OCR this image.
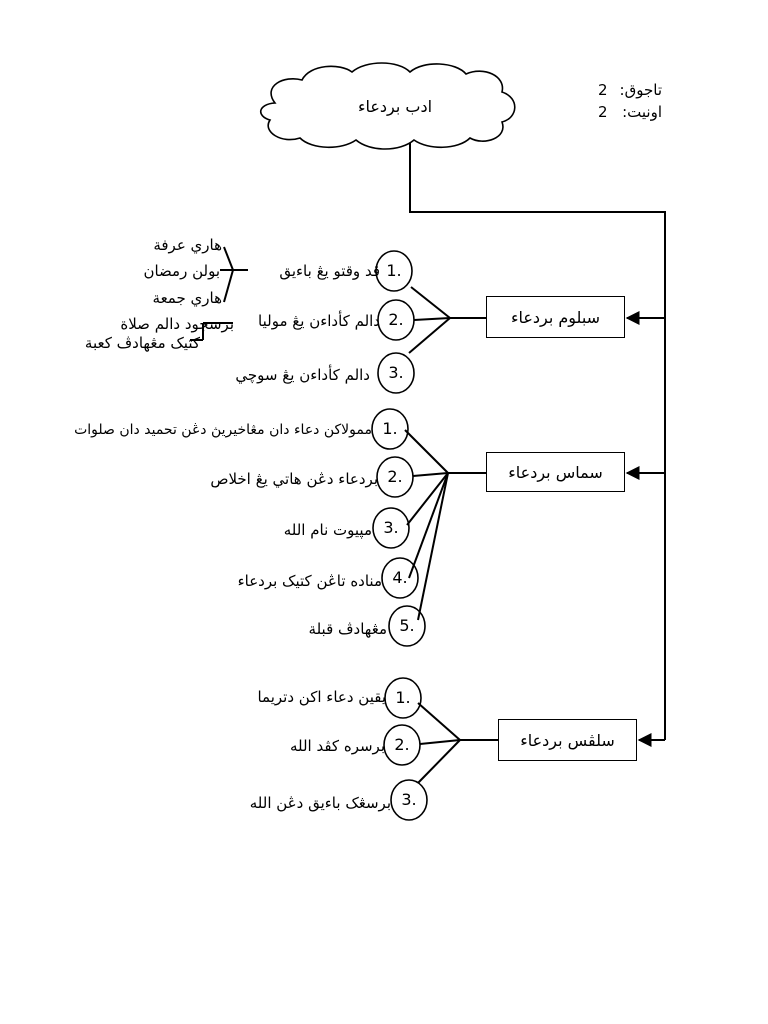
2 تاجوق:
2 اونيت:
ادب بردعاء
سبلوم بردعاء
سماس بردعاء
سلڤس بردعاء
1.
2.
3.
ڤد وقتو يڠ باءيق
دالم كأداءن يڠ موليا
دالم كأداءن يڠ سوچي
هاري عرفة
بولن رمضان
هاري جمعة
برسجود دالم صلاة
كتيک مڠهادڤ كعبة
1.
2.
3.
4.
5.
ممولاكن دعاء دان مڠاخيريڽ دڠن تحميد دان صلوات
بردعاء دڠن هاتي يڠ اخلاص
مپيوت نام الله
مناده تاڠن كتيک بردعاء
مڠهادڤ قبلة
1.
2.
3.
يقين دعاء اكن دتريما
برسره كڤد الله
برسڠک باءيق دڠن الله
